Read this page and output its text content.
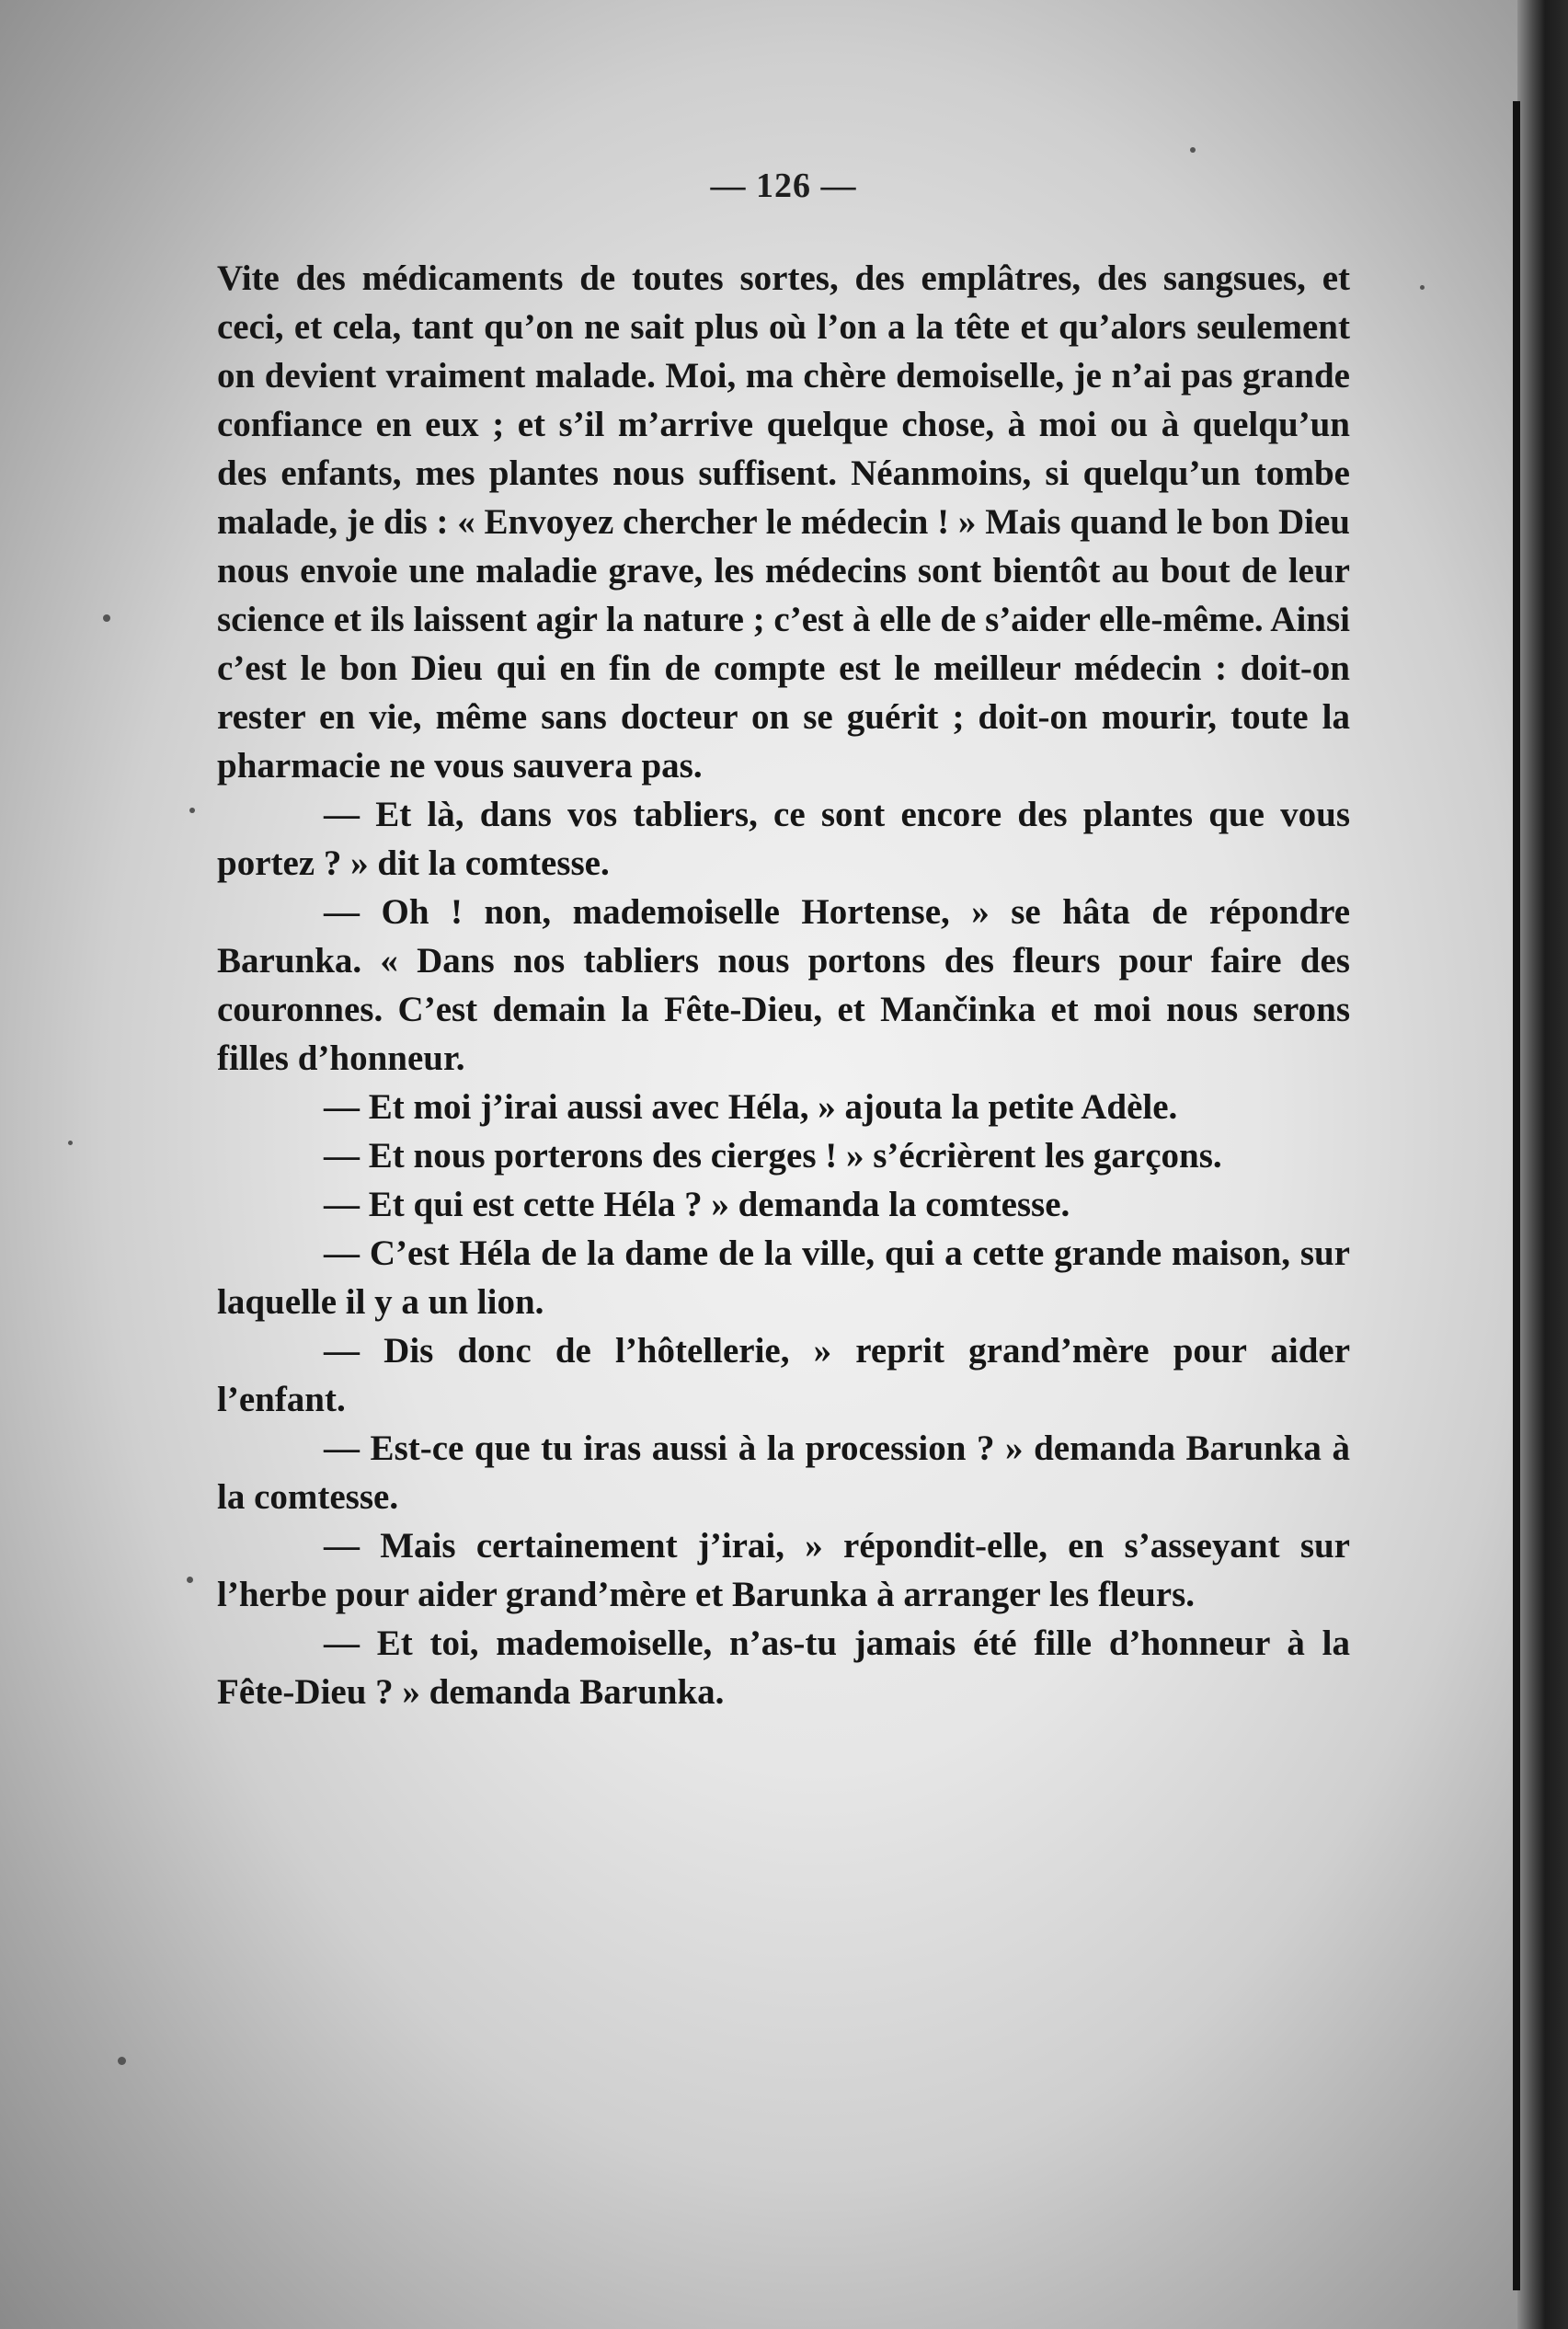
— 126 —

Vite des médicaments de toutes sortes, des emplâtres, des sangsues, et ceci, et cela, tant qu’on ne sait plus où l’on a la tête et qu’alors seulement on devient vraiment malade. Moi, ma chère demoiselle, je n’ai pas grande confiance en eux ; et s’il m’arrive quelque chose, à moi ou à quelqu’un des enfants, mes plantes nous suffisent. Néanmoins, si quelqu’un tombe malade, je dis : « Envoyez chercher le médecin ! » Mais quand le bon Dieu nous envoie une maladie grave, les médecins sont bientôt au bout de leur science et ils laissent agir la nature ; c’est à elle de s’aider elle-même. Ainsi c’est le bon Dieu qui en fin de compte est le meilleur médecin : doit-on rester en vie, même sans docteur on se guérit ; doit-on mourir, toute la pharmacie ne vous sauvera pas.

— Et là, dans vos tabliers, ce sont encore des plantes que vous portez ? » dit la comtesse.

— Oh ! non, mademoiselle Hortense, » se hâta de répondre Barunka. « Dans nos tabliers nous portons des fleurs pour faire des couronnes. C’est demain la Fête-Dieu, et Mančinka et moi nous serons filles d’honneur.

— Et moi j’irai aussi avec Héla, » ajouta la petite Adèle.

— Et nous porterons des cierges ! » s’écrièrent les garçons.

— Et qui est cette Héla ? » demanda la comtesse.

— C’est Héla de la dame de la ville, qui a cette grande maison, sur laquelle il y a un lion.

— Dis donc de l’hôtellerie, » reprit grand’mère pour aider l’enfant.

— Est-ce que tu iras aussi à la procession ? » demanda Barunka à la comtesse.

— Mais certainement j’irai, » répondit-elle, en s’asseyant sur l’herbe pour aider grand’mère et Barunka à arranger les fleurs.

— Et toi, mademoiselle, n’as-tu jamais été fille d’honneur à la Fête-Dieu ? » demanda Barunka.
